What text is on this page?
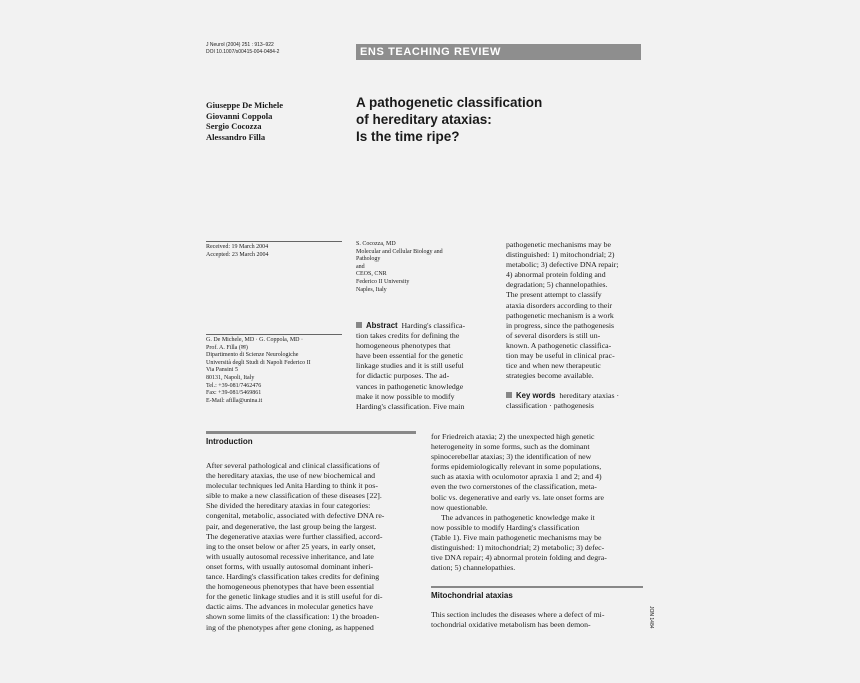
J Neurol (2004) 251 : 913–922
DOI 10.1007/s00415-004-0484-2	ENS TEACHING REVIEW
Giuseppe De Michele
Giovanni Coppola
Sergio Cocozza
Alessandro Filla
A pathogenetic classification
of hereditary ataxias:
Is the time ripe?
Received: 19 March 2004
Accepted: 23 March 2004
G. De Michele, MD · G. Coppola, MD ·
Prof. A. Filla (✉)
Dipartimento di Scienze Neurologiche
Università degli Studi di Napoli Federico II
Via Pansini 5
80131, Napoli, Italy
Tel.: +39-081/7462476
Fax: +39-081/5469861
E-Mail: afilla@unina.it
S. Cocozza, MD
Molecular and Cellular Biology and
Pathology
and
CEOS, CNR
Federico II University
Naples, Italy
Abstract Harding's classifica-
tion takes credits for defining the
homogeneous phenotypes that
have been essential for the genetic
linkage studies and it is still useful
for didactic purposes. The ad-
vances in pathogenetic knowledge
make it now possible to modify
Harding's classification. Five main
pathogenetic mechanisms may be
distinguished: 1) mitochondrial; 2)
metabolic; 3) defective DNA repair;
4) abnormal protein folding and
degradation; 5) channelopathies.
The present attempt to classify
ataxia disorders according to their
pathogenetic mechanism is a work
in progress, since the pathogenesis
of several disorders is still un-
known. A pathogenetic classifica-
tion may be useful in clinical prac-
tice and when new therapeutic
strategies become available.
Key words hereditary ataxias ·
classification · pathogenesis
Introduction
After several pathological and clinical classifications of
the hereditary ataxias, the use of new biochemical and
molecular techniques led Anita Harding to think it pos-
sible to make a new classification of these diseases [22].
She divided the hereditary ataxias in four categories:
congenital, metabolic, associated with defective DNA re-
pair, and degenerative, the last group being the largest.
The degenerative ataxias were further classified, accord-
ing to the onset below or after 25 years, in early onset,
with usually autosomal recessive inheritance, and late
onset forms, with usually autosomal dominant inheri-
tance. Harding's classification takes credits for defining
the homogeneous phenotypes that have been essential
for the genetic linkage studies and it is still useful for di-
dactic aims. The advances in molecular genetics have
shown some limits of the classification: 1) the broaden-
ing of the phenotypes after gene cloning, as happened
for Friedreich ataxia; 2) the unexpected high genetic
heterogeneity in some forms, such as the dominant
spinocerebellar ataxias; 3) the identification of new
forms epidemiologically relevant in some populations,
such as ataxia with oculomotor apraxia 1 and 2; and 4)
even the two cornerstones of the classification, meta-
bolic vs. degenerative and early vs. late onset forms are
now questionable.
The advances in pathogenetic knowledge make it
now possible to modify Harding's classification
(Table 1). Five main pathogenetic mechanisms may be
distinguished: 1) mitochondrial; 2) metabolic; 3) defec-
tive DNA repair; 4) abnormal protein folding and degra-
dation; 5) channelopathies.
Mitochondrial ataxias
This section includes the diseases where a defect of mi-
tochondrial oxidative metabolism has been demon-	JON 1484
